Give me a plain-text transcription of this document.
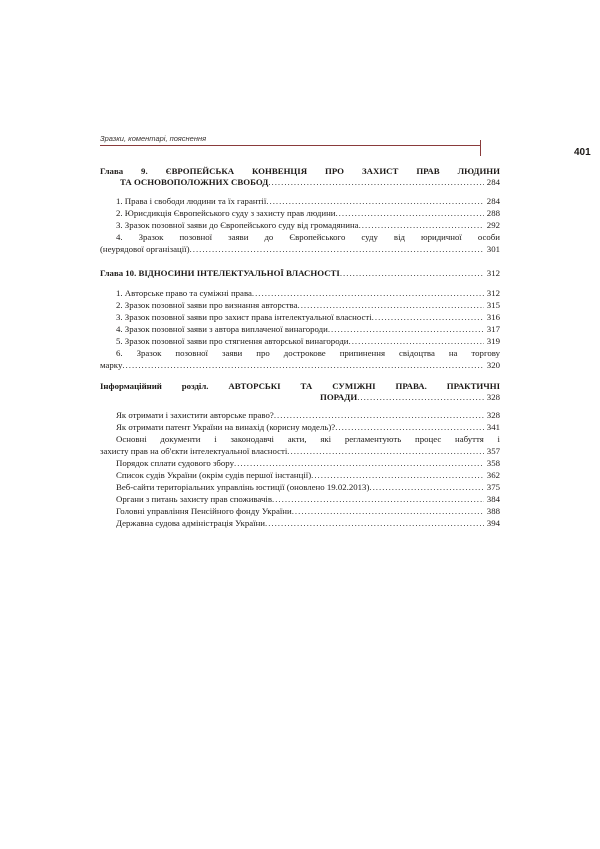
Зразки, коментарі, пояснення
401
Глава 9. ЄВРОПЕЙСЬКА КОНВЕНЦІЯ ПРО ЗАХИСТ ПРАВ ЛЮДИНИ
ТА ОСНОВОПОЛОЖНИХ СВОБОД .....	284
1. Права і свободи людини та їх гарантії .....	284
2. Юрисдикція Європейського суду з захисту прав людини .....	288
3. Зразок позовної заяви до Європейського суду від громадянина .....	292
4. Зразок позовної заяви до Європейського суду від юридичної особи
(неурядової організації) .....	301
Глава 10. ВІДНОСИНИ ІНТЕЛЕКТУАЛЬНОЇ ВЛАСНОСТІ .....	312
1. Авторське право та суміжні права .....	312
2. Зразок позовної заяви про визнання авторства .....	315
3. Зразок позовної заяви про захист права інтелектуальної власності .....	316
4. Зразок позовної заяви з автора виплаченої винагороди .....	317
5. Зразок позовної заяви про стягнення авторської винагороди .....	319
6. Зразок позовної заяви про дострокове припинення свідоцтва на торгову
марку .....	320
Інформаційний розділ. АВТОРСЬКІ ТА СУМІЖНІ ПРАВА. ПРАКТИЧНІ
ПОРАДИ .....	328
Як отримати і захистити авторське право? .....	328
Як отримати патент України на винахід (корисну модель)? .....	341
Основні документи і законодавчі акти, які регламентують процес набуття і
захисту прав на об'єкти інтелектуальної власності .....	357
Порядок сплати судового збору .....	358
Список судів України (окрім судів першої інстанції) .....	362
Веб-сайти територіальних управлінь юстиції (оновлено 19.02.2013) .....	375
Органи з питань захисту прав споживачів .....	384
Головні управління Пенсійного фонду України .....	388
Державна судова адміністрація України .....	394
